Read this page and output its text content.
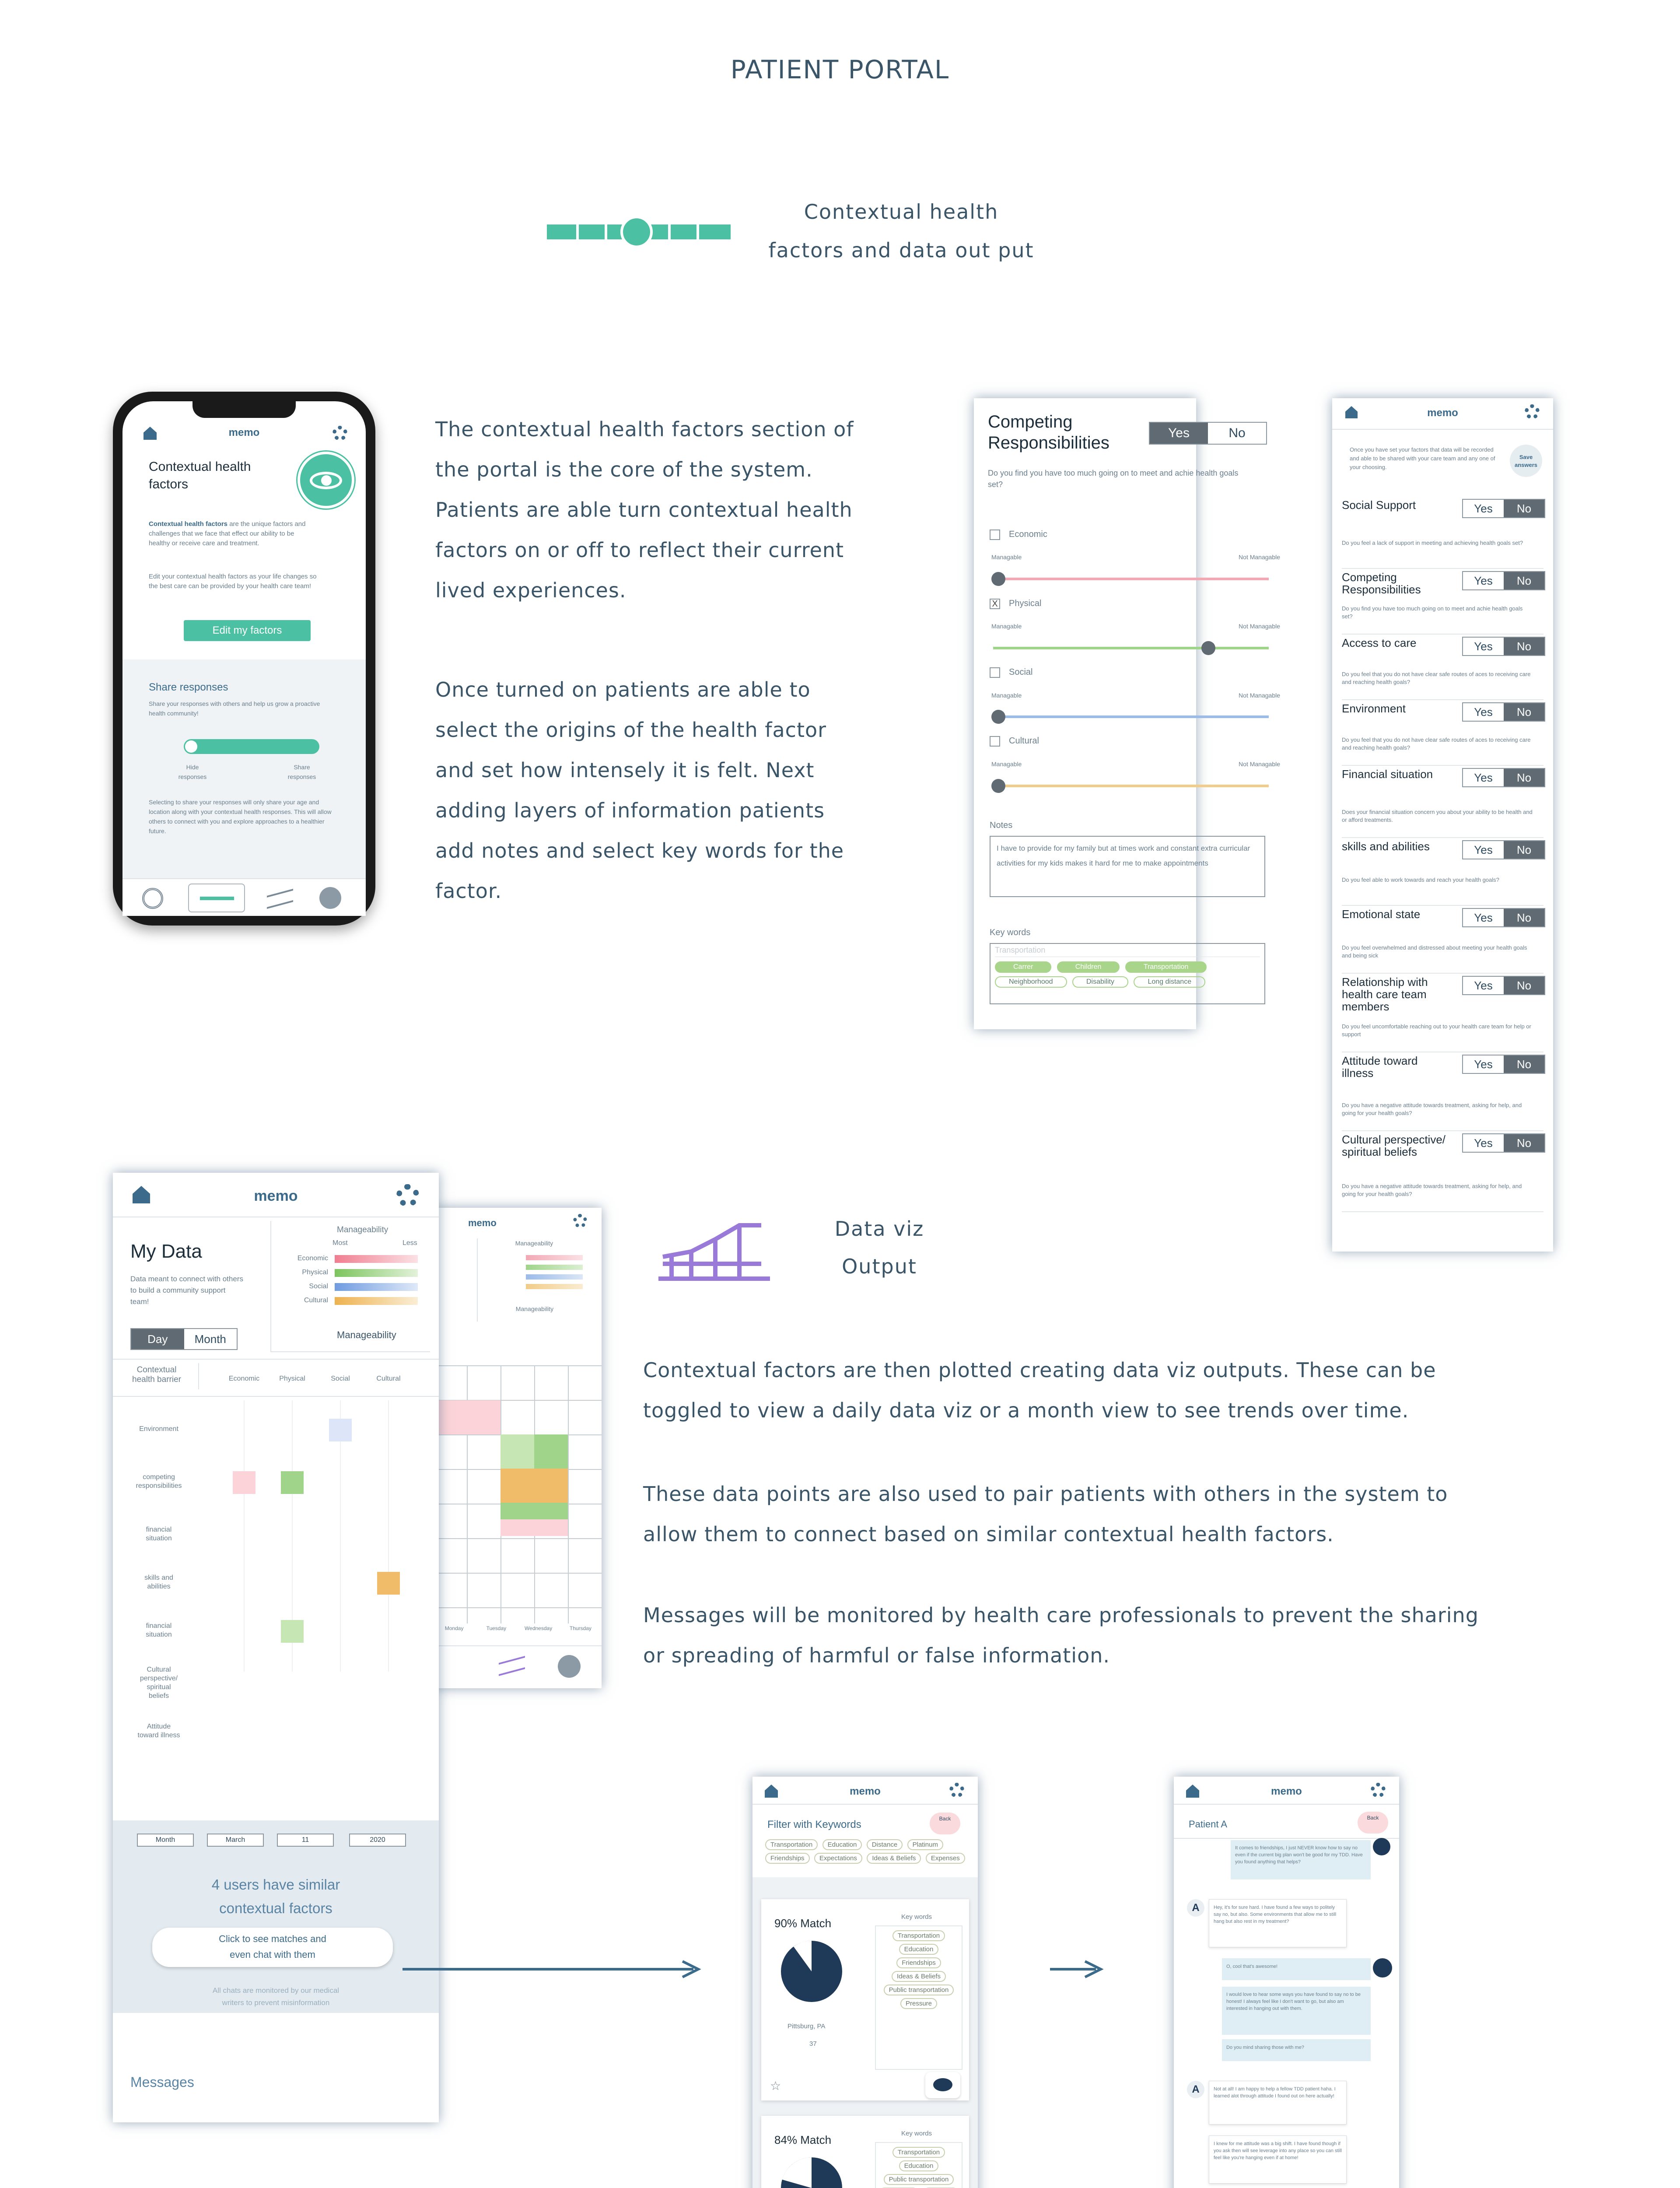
PATIENT PORTAL
Contextual health
factors and data out put
memo
Contextual health
factors
Contextual health factors are the unique factors and challenges that we face that effect our ability to be healthy or receive care and treatment.
Edit your contextual health factors as your life changes so the best care can be provided by your health care team!
Edit my factors
Share responses
Share your responses with others and help us grow a proactive health community!
Hide responses
Share responses
Selecting to share your responses will only share your age and location along with your contextual health responses. This will allow others to connect with you and explore approaches to a healthier future.
The contextual health factors section of
the portal is the core of the system.
Patients are able turn contextual health
factors on or off to reflect their current
lived experiences.
Once turned on patients are able to
select the origins of the health factor
and set how intensely it is felt. Next
adding layers of information patients
add notes and select key words for the
factor.
Competing
Responsibilities
Yes	No
Do you find you have too much going on to meet and achie health goals set?
Economic
Managable	Not Managable
X Physical
Managable	Not Managable
Social
Managable	Not Managable
Cultural
Managable	Not Managable
Notes
I have to provide for my family but at times work and constant extra curricular activities for my kids makes it hard for me to make appointments
Key words
Transportation
Carrer	Children	Transportation Neighborhood	Disability	Long distance
memo
Once you have set your factors that data will be recorded and able to be shared with your care team and any one of your choosing.
Save answers
Social Support	Yes	No
Do you feel a lack of support in meeting and achieving health goals set?
Competing Responsibilities
Yes	No
Do you find you have too much going on to meet and achie health goals set?
Access to care	Yes	No
Do you feel that you do not have clear safe routes of aces to receiving care and reaching health goals?
Environment	Yes	No
Do you feel that you do not have clear safe routes of aces to receiving care and reaching health goals?
Financial situation	Yes	No
Does your financial situation concern you about your ability to be health and or afford treatments.
skills and abilities	Yes	No
Do you feel able to work towards and reach your health goals?
Emotional state	Yes	No
Do you feel overwhelmed and distressed about meeting your health goals and being sick
Relationship with health care team members
Yes	No
Do you feel uncomfortable reaching out to your health care team for help or support
Attitude toward illness
Yes	No
Do you have a negative attitude towards treatment, asking for help, and going for your health goals?
Cultural perspective/ spiritual beliefs
Yes	No
Do you have a negative attitude towards treatment, asking for help, and going for your health goals?
Data viz
Output
Contextual factors are then plotted creating data viz outputs. These can be
toggled to view a daily data viz or a month view to see trends over time.
These data points are also used to pair patients with others in the system to
allow them to connect based on similar contextual health factors.
Messages will be monitored by health care professionals to prevent the sharing
or spreading of harmful or false information.
memo
Manageability
Manageability
Monday	Tuesday	Wednesday	Thursday
memo
My Data
Data meant to connect with others to build a community support team!
Day	Month
Manageability
Most	Less
Economic
Physical
Social
Cultural
Manageability
Contextual health barrier	Economic	Physical	Social	Cultural
Environment
competing responsibilities
financial situation
skills and abilities
financial situation
Cultural perspective/ spiritual beliefs
Attitude toward illness
Month	March	11	2020
4 users have similar
contextual factors
Click to see matches and
even chat with them
All chats are monitored by our medical
writers to prevent misinformation
Messages
memo
Filter with Keywords	Back
Transportation Education Distance Platinum Friendships Expectations Ideas & Beliefs Expenses
90% Match
Pittsburg, PA
37
Key words
Transportation Education Friendships Ideas & Beliefs Public transportation Pressure
☆
84% Match	Key words
Transportation Education Public transportation
memo
Patient A
Back
It comes to friendships, I just NEVER know how to say no even if the current big plan won't be good for my TDD. Have you found anything that helps?
A	Hey, it's for sure hard. I have found a few ways to politely say no, but also. Some environments that allow me to still hang but also rest in my treatment?
O, cool that's awesome!
I would love to hear some ways you have found to say no to be honest! I always feel like I don't want to go, but also am interested in hanging out with them.
Do you mind sharing those with me?
A	Not at all! I am happy to help a fellow TDD patient haha. I learned alot through attitude I found out on here actually!
I knew for me attitude was a big shift. I have found though if you ask then will see leverage into any place so you can still feel like you're hanging even if at home!
